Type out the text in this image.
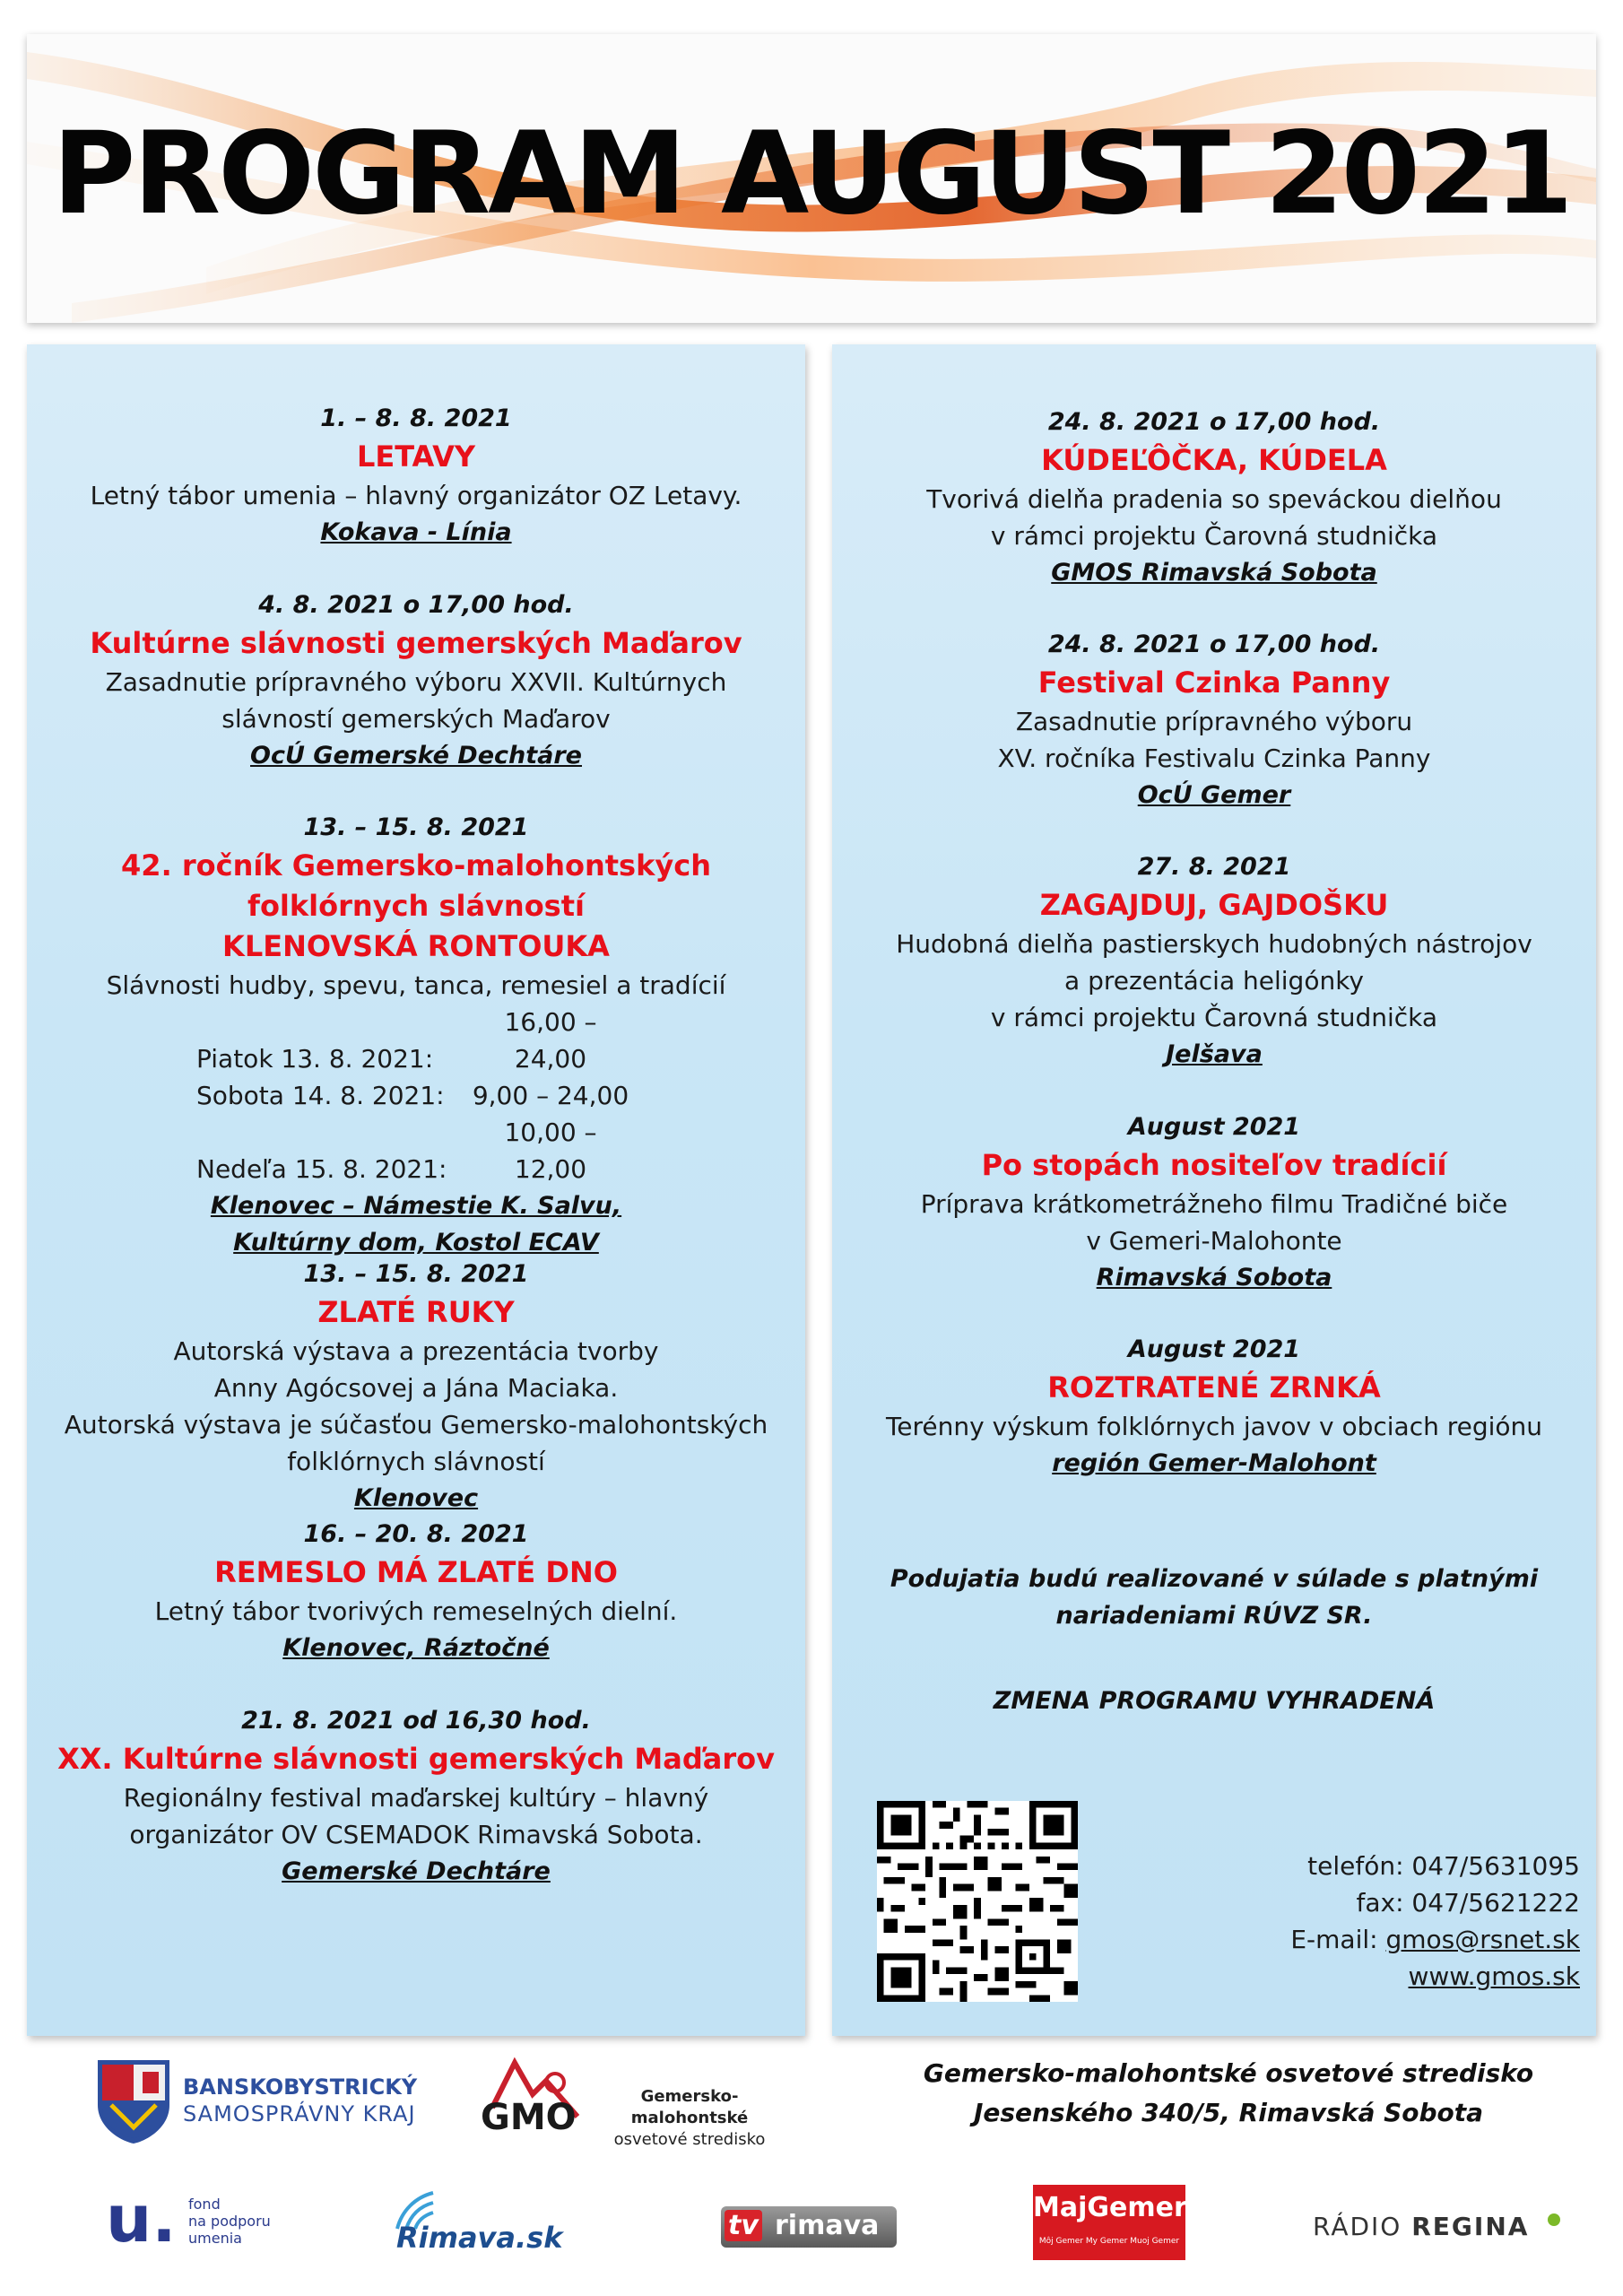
PROGRAM AUGUST 2021
1. – 8. 8. 2021
LETAVY
Letný tábor umenia – hlavný organizátor OZ Letavy.
Kokava - Línia
4. 8. 2021 o 17,00 hod.
Kultúrne slávnosti gemerských Maďarov
Zasadnutie prípravného výboru XXVII. Kultúrnych
slávností gemerských Maďarov
OcÚ Gemerské Dechtáre
13. – 15. 8. 2021
42. ročník Gemersko-malohontských
folklórnych slávností
KLENOVSKÁ RONTOUKA
Slávnosti hudby, spevu, tanca, remesiel a tradícií
Piatok 13. 8. 2021:16,00 – 24,00
Sobota 14. 8. 2021: 9,00 – 24,00
Nedeľa 15. 8. 2021:10,00 – 12,00
Klenovec – Námestie K. Salvu,
Kultúrny dom, Kostol ECAV
13. – 15. 8. 2021
ZLATÉ RUKY
Autorská výstava a prezentácia tvorby
Anny Agócsovej a Jána Maciaka.
Autorská výstava je súčasťou Gemersko-malohontských
folklórnych slávností
Klenovec
16. – 20. 8. 2021
REMESLO MÁ ZLATÉ DNO
Letný tábor tvorivých remeselných dielní.
Klenovec, Ráztočné
21. 8. 2021 od 16,30 hod.
XX. Kultúrne slávnosti gemerských Maďarov
Regionálny festival maďarskej kultúry – hlavný
organizátor OV CSEMADOK Rimavská Sobota.
Gemerské Dechtáre
24. 8. 2021 o 17,00 hod.
KÚDEĽÔČKA, KÚDELA
Tvorivá dielňa pradenia so speváckou dielňou
v rámci projektu Čarovná studnička
GMOS Rimavská Sobota
24. 8. 2021 o 17,00 hod.
Festival Czinka Panny
Zasadnutie prípravného výboru
XV. ročníka Festivalu Czinka Panny
OcÚ Gemer
27. 8. 2021
ZAGAJDUJ, GAJDOŠKU
Hudobná dielňa pastierskych hudobných nástrojov
a prezentácia heligónky
v rámci projektu Čarovná studnička
Jelšava
August 2021
Po stopách nositeľov tradícií
Príprava krátkometrážneho filmu Tradičné biče
v Gemeri-Malohonte
Rimavská Sobota
August 2021
ROZTRATENÉ ZRNKÁ
Terénny výskum folklórnych javov v obciach regiónu
región Gemer-Malohont
Podujatia budú realizované v súlade s platnými
nariadeniami RÚVZ SR.
ZMENA PROGRAMU VYHRADENÁ
telefón: 047/5631095
fax: 047/5621222
E-mail: gmos@rsnet.sk
www.gmos.sk
BANSKOBYSTRICKÝ
SAMOSPRÁVNY KRAJ GMO
Gemersko-malohontské
osvetové stredisko
Gemersko-malohontské osvetové stredisko
Jesenského 340/5, Rimavská Sobota
u. fond
na podporu
umenia	Rimava.sk	tv rimava
MajGemer
Môj Gemer My Gemer Muoj Gemer	RÁDIO REGINA
